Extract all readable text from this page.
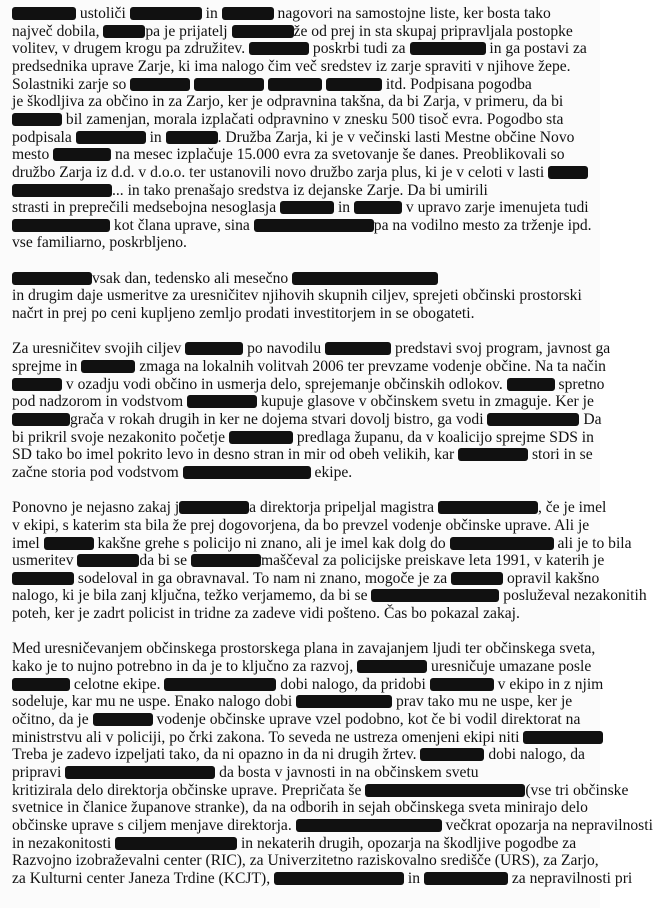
ustoliči	in	nagovori na samostojne liste, ker bosta tako
največ dobila,	pa je prijatelj	že od prej in sta skupaj pripravljala postopke
volitev, v drugem krogu pa združitev.	poskrbi tudi za	in ga postavi za
predsednika uprave Zarje, ki ima nalogo čim več sredstev iz zarje spraviti v njihove žepe.
Solastniki zarje so	itd. Podpisana pogodba
je škodljiva za občino in za Zarjo, ker je odpravnina takšna, da bi Zarja, v primeru, da bi
bil zamenjan, morala izplačati odpravnino v znesku 500 tisoč evra. Pogodbo sta
podpisala	in	. Družba Zarja, ki je v večinski lasti Mestne občine Novo
mesto	na mesec izplačuje 15.000 evra za svetovanje še danes. Preoblikovali so
družbo Zarja iz d.d. v d.o.o. ter ustanovili novo družbo zarja plus, ki je v celoti v lasti
... in tako prenašajo sredstva iz dejanske Zarje. Da bi umirili
strasti in preprečili medsebojna nesoglasja	in	v upravo zarje imenujeta tudi
kot člana uprave, sina	pa na vodilno mesto za trženje ipd.
vse familiarno, poskrbljeno.
vsak dan, tedensko ali mesečno
in drugim daje usmeritve za uresničitev njihovih skupnih ciljev, sprejeti občinski prostorski
načrt in prej po ceni kupljeno zemljo prodati investitorjem in se obogateti.
Za uresničitev svojih ciljev	po navodilu	predstavi svoj program, javnost ga
sprejme in	zmaga na lokalnih volitvah 2006 ter prevzame vodenje občine. Na ta način
v ozadju vodi občino in usmerja delo, sprejemanje občinskih odlokov.	spretno
pod nadzorom in vodstvom	kupuje glasove v občinskem svetu in zmaguje. Ker je
grača v rokah drugih in ker ne dojema stvari dovolj bistro, ga vodi	Da
bi prikril svoje nezakonito početje	predlaga županu, da v koalicijo sprejme SDS in
SD tako bo imel pokrito levo in desno stran in mir od obeh velikih, kar	stori in se
začne storia pod vodstvom	ekipe.
Ponovno je nejasno zakaj j	a direktorja pripeljal magistra	, če je imel
v ekipi, s katerim sta bila že prej dogovorjena, da bo prevzel vodenje občinske uprave. Ali je
imel	kakšne grehe s policijo ni znano, ali je imel kak dolg do	ali je to bila
usmeritev	da bi se	maščeval za policijske preiskave leta 1991, v katerih je
sodeloval in ga obravnaval. To nam ni znano, mogoče je za	opravil kakšno
nalogo, ki je bila zanj ključna, težko verjamemo, da bi se	posluževal nezakonitih
poteh, ker je zadrt policist in tridne za zadeve vidi pošteno. Čas bo pokazal zakaj.
Med uresničevanjem občinskega prostorskega plana in zavajanjem ljudi ter občinskega sveta,
kako je to nujno potrebno in da je to ključno za razvoj,	uresničuje umazane posle
celotne ekipe.	dobi nalogo, da pridobi	v ekipo in z njim
sodeluje, kar mu ne uspe. Enako nalogo dobi	prav tako mu ne uspe, ker je
očitno, da je	vodenje občinske uprave vzel podobno, kot če bi vodil direktorat na
ministrstvu ali v policiji, po črki zakona. To seveda ne ustreza omenjeni ekipi niti
Treba je zadevo izpeljati tako, da ni opazno in da ni drugih žrtev.	dobi nalogo, da
pripravi	da bosta v javnosti in na občinskem svetu
kritizirala delo direktorja občinske uprave. Prepričata še	(vse tri občinske
svetnice in članice županove stranke), da na odborih in sejah občinskega sveta minirajo delo
občinske uprave s ciljem menjave direktorja.	večkrat opozarja na nepravilnosti
in nezakonitosti	in nekaterih drugih, opozarja na škodljive pogodbe za
Razvojno izobraževalni center (RIC), za Univerzitetno raziskovalno središče (URS), za Zarjo,
za Kulturni center Janeza Trdine (KCJT),	in	za nepravilnosti pri
